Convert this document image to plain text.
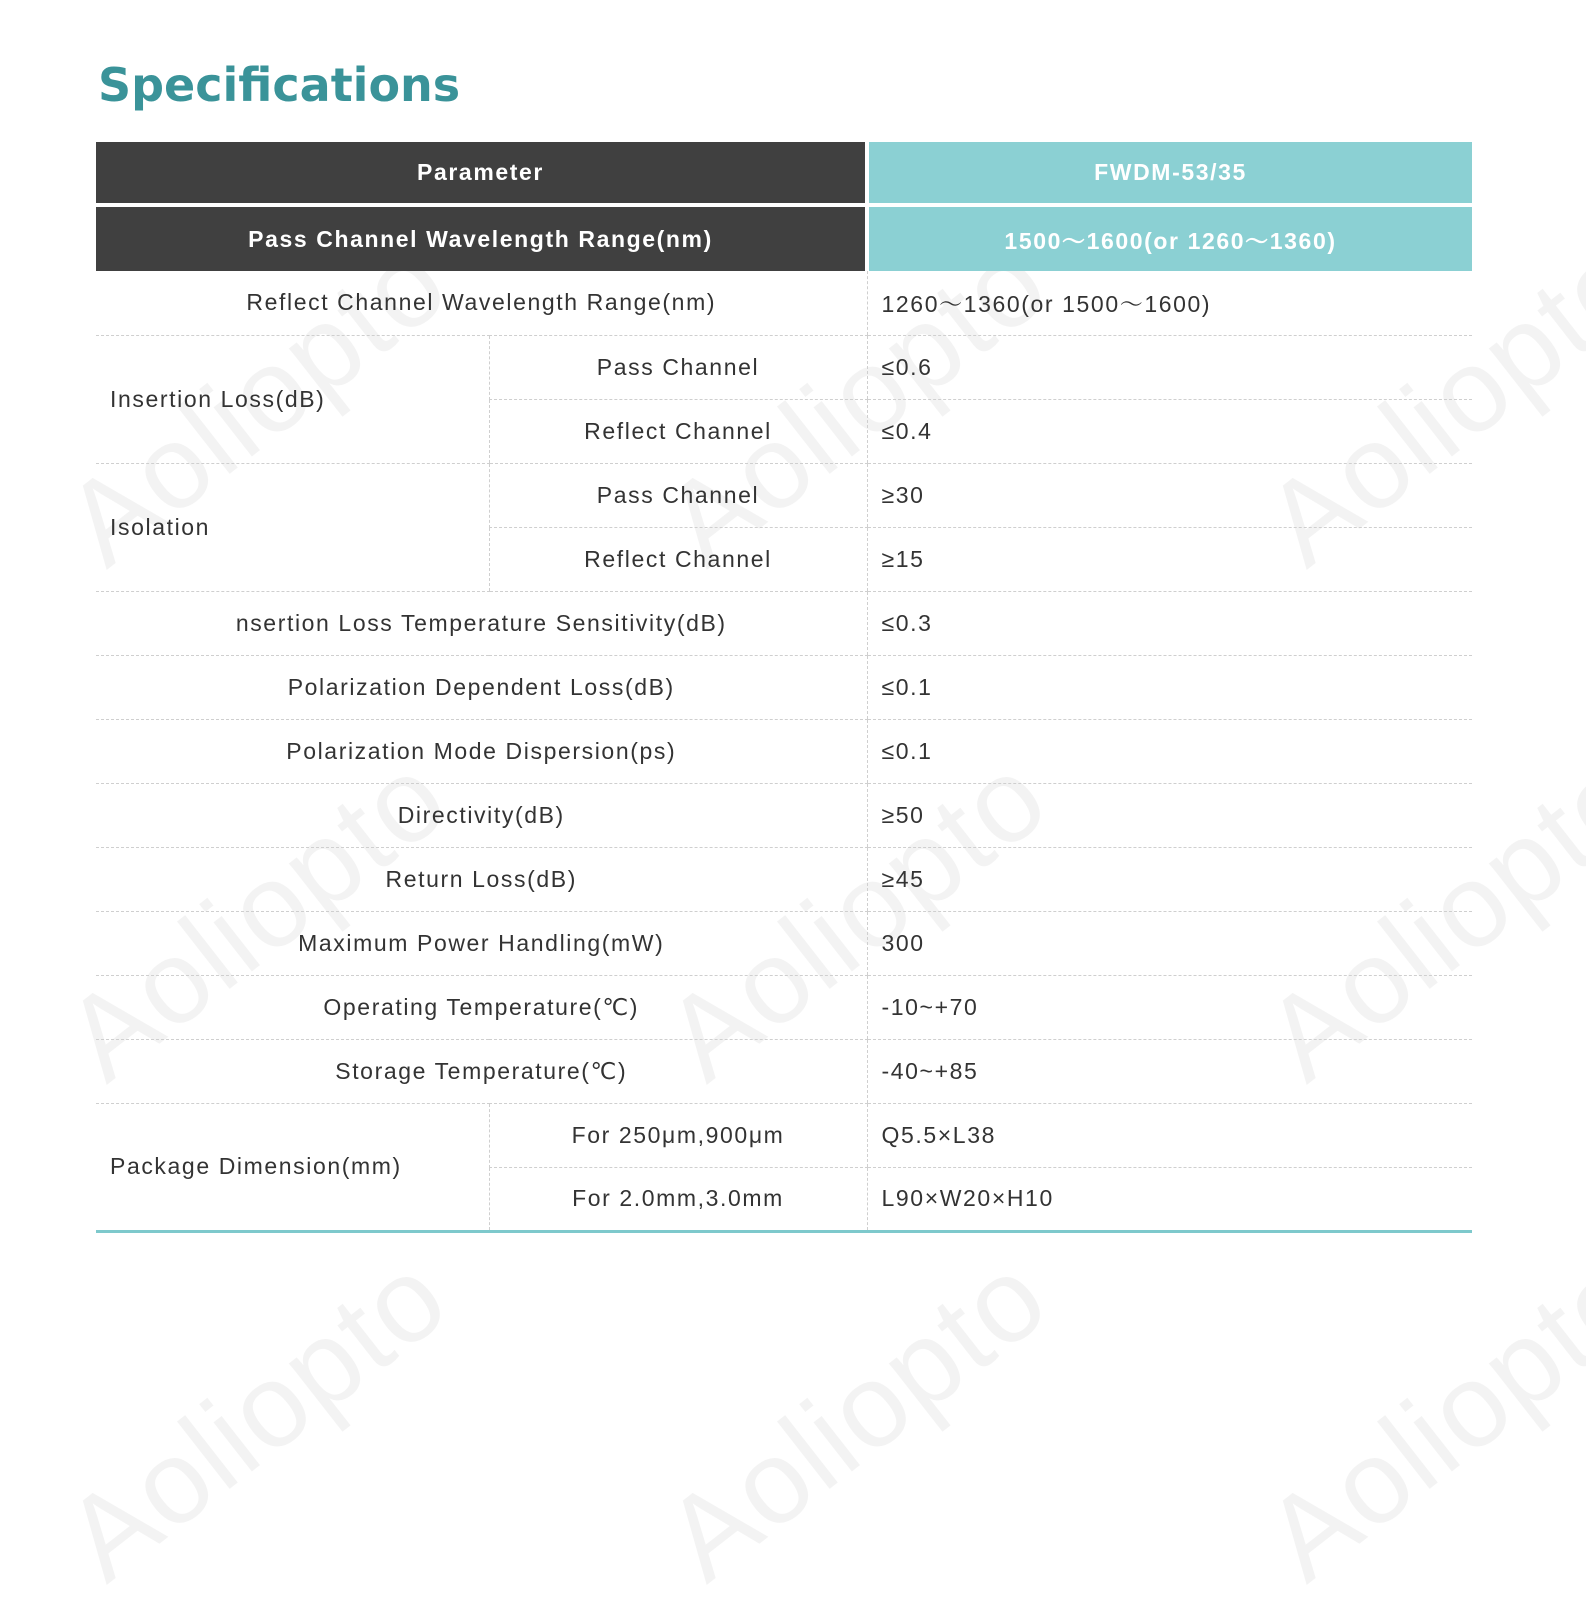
Specifications
Parameter		FWDM-53/35
Pass Channel Wavelength Range(nm)		1500～1600(or 1260～1360)
Reflect Channel Wavelength Range(nm)		1260～1360(or 1500～1600)
Insertion Loss(dB)	Pass Channel	≤0.6
	Reflect Channel	≤0.4
Isolation	Pass Channel	≥30
	Reflect Channel	≥15
nsertion Loss Temperature Sensitivity(dB)		≤0.3
Polarization Dependent Loss(dB)		≤0.1
Polarization Mode Dispersion(ps)		≤0.1
Directivity(dB)		≥50
Return Loss(dB)		≥45
Maximum Power Handling(mW)		300
Operating Temperature(℃)		-10~+70
Storage Temperature(℃)		-40~+85
Package Dimension(mm)	For 250μm,900μm	Q5.5×L38
	For 2.0mm,3.0mm	L90×W20×H10
